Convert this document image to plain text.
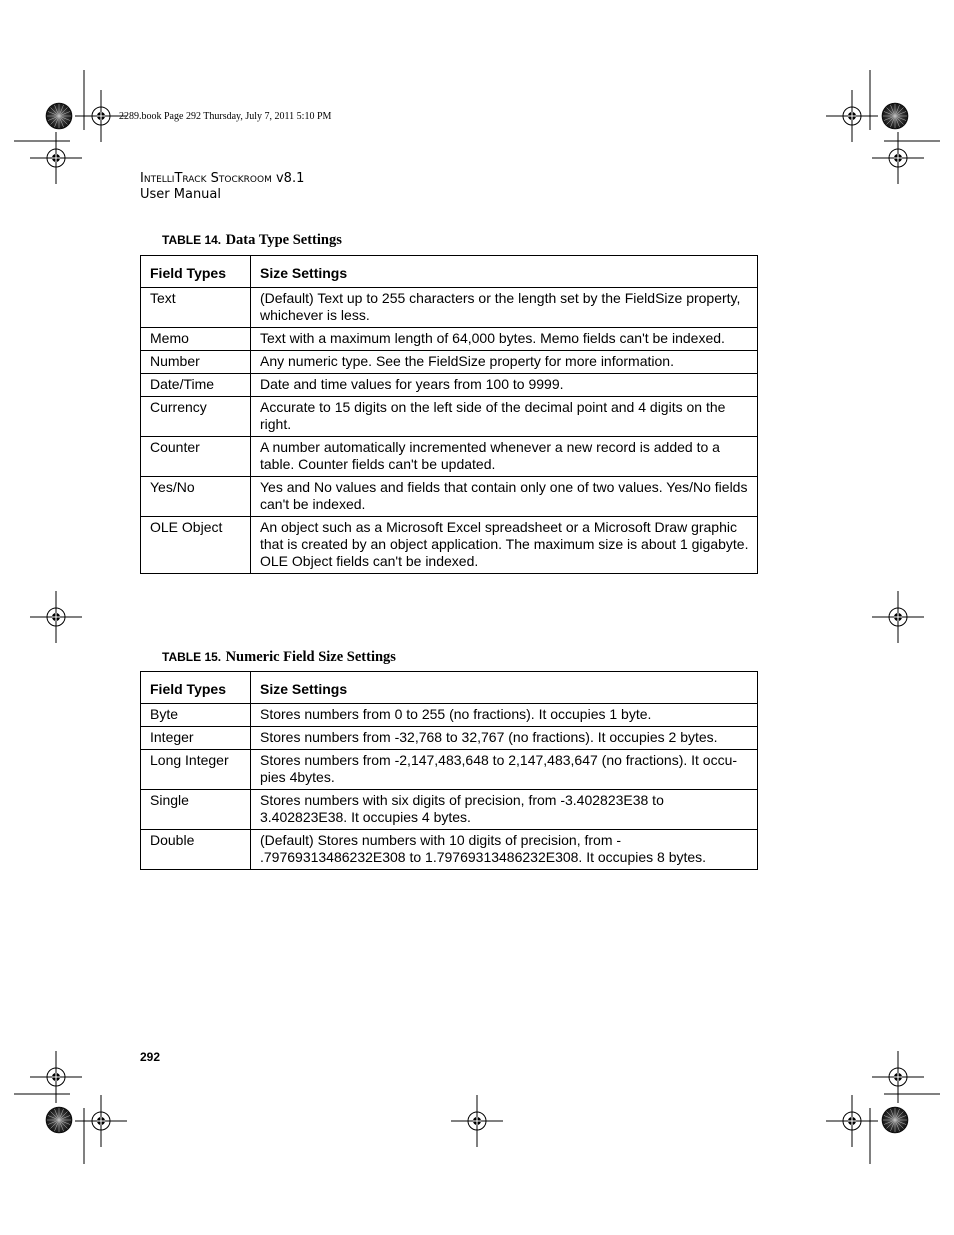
2289.book Page 292 Thursday, July 7, 2011 5:10 PM
IntelliTrack Stockroom v8.1
User Manual
TABLE 14. Data Type Settings
Field Types	Size Settings
Text	(Default) Text up to 255 characters or the length set by the FieldSize property, whichever is less.
Memo	Text with a maximum length of 64,000 bytes. Memo fields can't be indexed.
Number	Any numeric type. See the FieldSize property for more information.
Date/Time	Date and time values for years from 100 to 9999.
Currency	Accurate to 15 digits on the left side of the decimal point and 4 digits on the right.
Counter	A number automatically incremented whenever a new record is added to a table. Counter fields can't be updated.
Yes/No	Yes and No values and fields that contain only one of two values. Yes/No fields can't be indexed.
OLE Object	An object such as a Microsoft Excel spreadsheet or a Microsoft Draw graphic that is created by an object application. The maximum size is about 1 gigabyte. OLE Object fields can't be indexed.
TABLE 15. Numeric Field Size Settings
Field Types	Size Settings
Byte	Stores numbers from 0 to 255 (no fractions). It occupies 1 byte.
Integer	Stores numbers from -32,768 to 32,767 (no fractions). It occupies 2 bytes.
Long Integer	Stores numbers from -2,147,483,648 to 2,147,483,647 (no fractions). It occu- pies 4bytes.
Single	Stores numbers with six digits of precision, from -3.402823E38 to 3.402823E38. It occupies 4 bytes.
Double	(Default) Stores numbers with 10 digits of precision, from - .79769313486232E308 to 1.79769313486232E308. It occupies 8 bytes.
292
